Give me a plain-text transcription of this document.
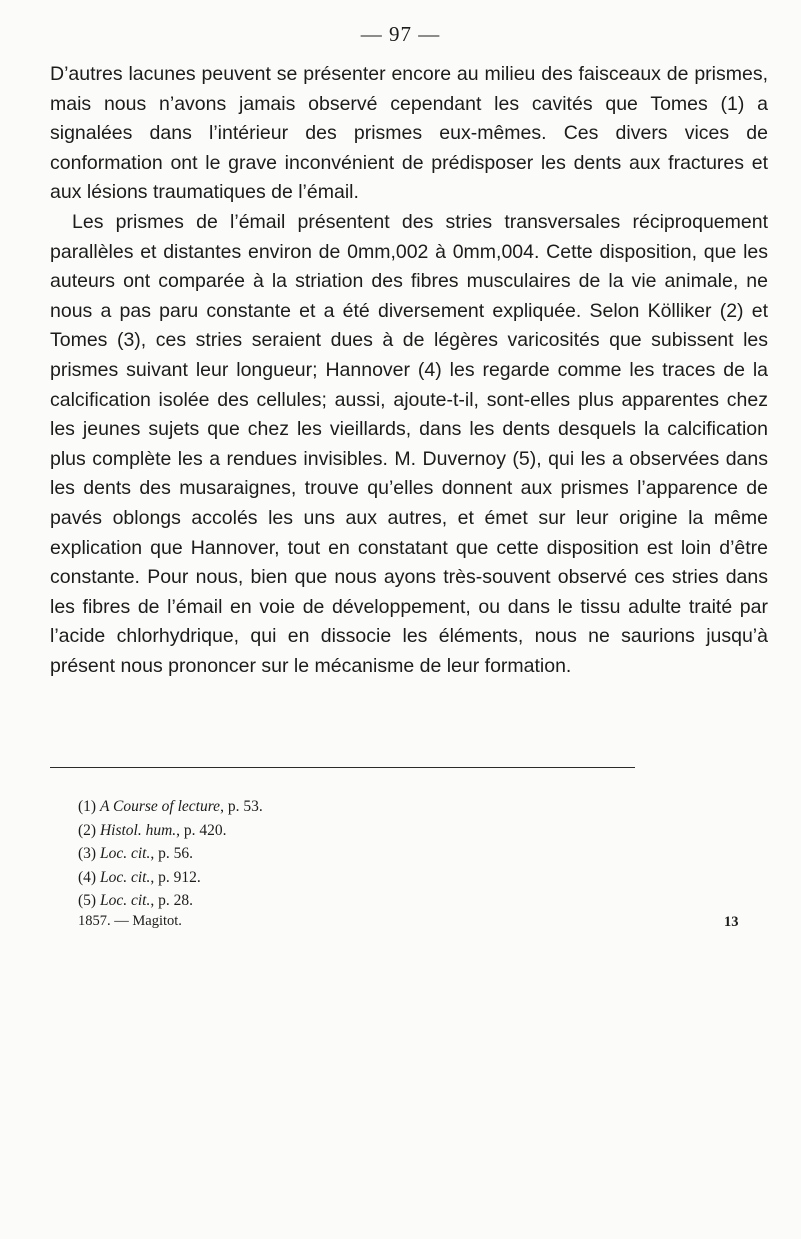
— 97 —

D’autres lacunes peuvent se présenter encore au milieu des faisceaux de prismes, mais nous n’avons jamais observé cependant les cavités que Tomes (1) a signalées dans l’intérieur des prismes eux-mêmes. Ces divers vices de conformation ont le grave inconvénient de prédisposer les dents aux fractures et aux lésions traumatiques de l’émail.

Les prismes de l’émail présentent des stries transversales réciproquement parallèles et distantes environ de 0mm,002 à 0mm,004. Cette disposition, que les auteurs ont comparée à la striation des fibres musculaires de la vie animale, ne nous a pas paru constante et a été diversement expliquée. Selon Kölliker (2) et Tomes (3), ces stries seraient dues à de légères varicosités que subissent les prismes suivant leur longueur; Hannover (4) les regarde comme les traces de la calcification isolée des cellules; aussi, ajoute-t-il, sont-elles plus apparentes chez les jeunes sujets que chez les vieillards, dans les dents desquels la calcification plus complète les a rendues invisibles. M. Duvernoy (5), qui les a observées dans les dents des musaraignes, trouve qu’elles donnent aux prismes l’apparence de pavés oblongs accolés les uns aux autres, et émet sur leur origine la même explication que Hannover, tout en constatant que cette disposition est loin d’être constante. Pour nous, bien que nous ayons très-souvent observé ces stries dans les fibres de l’émail en voie de développement, ou dans le tissu adulte traité par l’acide chlorhydrique, qui en dissocie les éléments, nous ne saurions jusqu’à présent nous prononcer sur le mécanisme de leur formation.

(1) A Course of lecture, p. 53.
(2) Histol. hum., p. 420.
(3) Loc. cit., p. 56.
(4) Loc. cit., p. 912.
(5) Loc. cit., p. 28.
1857. — Magitot.	13
